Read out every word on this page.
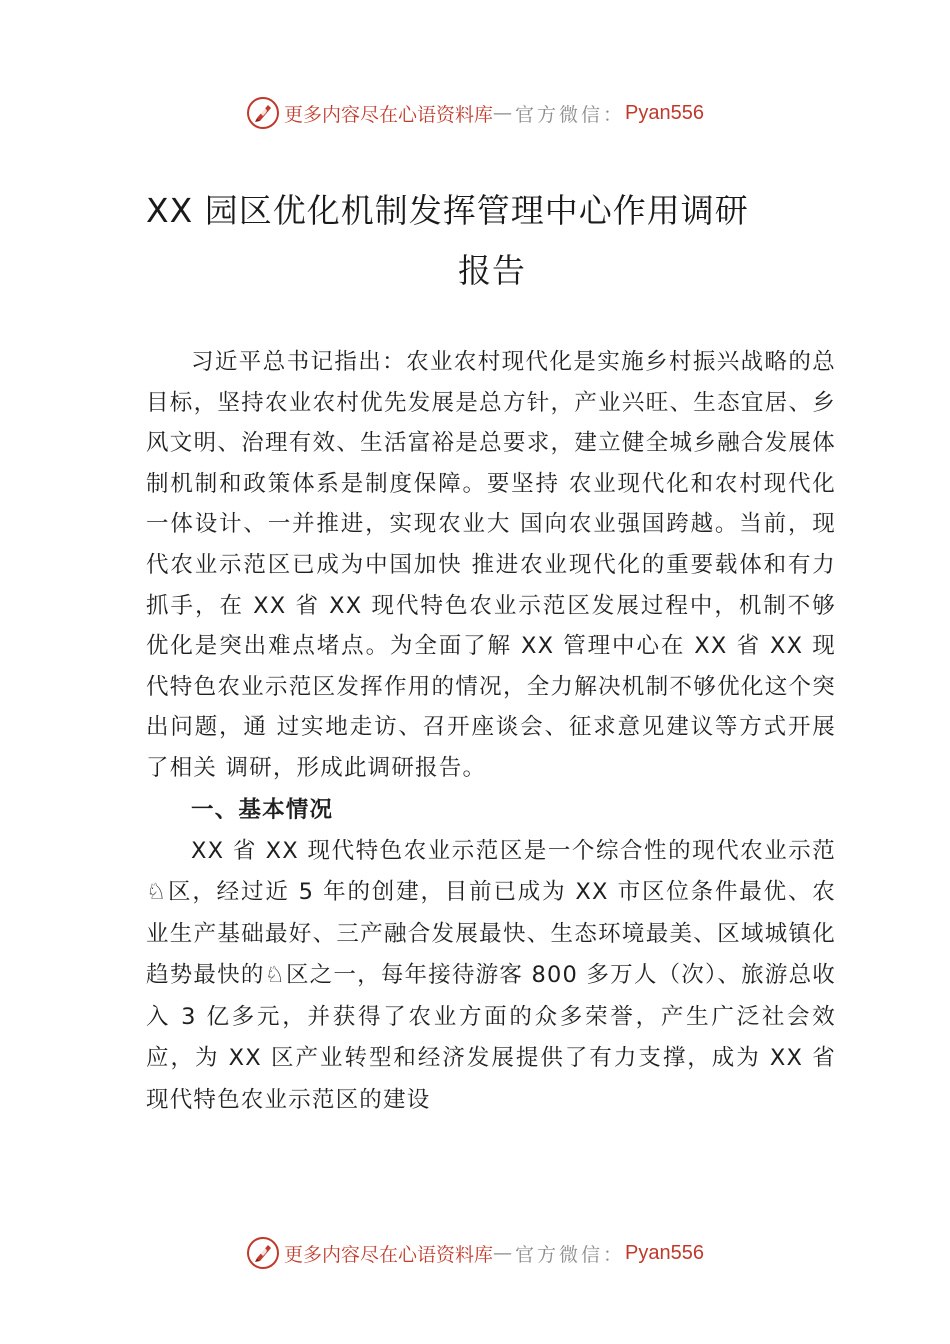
更多内容尽在心语资料库 — 官方微信： Pyan556
XX 园区优化机制发挥管理中心作用调研
报告

习近平总书记指出：农业农村现代化是实施乡村振兴战略的总目标，坚持农业农村优先发展是总方针，产业兴旺、生态宜居、乡风文明、治理有效、生活富裕是总要求，建立健全城乡融合发展体制机制和政策体系是制度保障。要坚持 农业现代化和农村现代化一体设计、一并推进，实现农业大 国向农业强国跨越。当前，现代农业示范区已成为中国加快 推进农业现代化的重要载体和有力抓手，在 XX 省 XX 现代特色农业示范区发展过程中，机制不够优化是突出难点堵点。为全面了解 XX 管理中心在 XX 省 XX 现代特色农业示范区发挥作用的情况，全力解决机制不够优化这个突出问题，通 过实地走访、召开座谈会、征求意见建议等方式开展了相关 调研，形成此调研报告。

一、基本情况

XX 省 XX 现代特色农业示范区是一个综合性的现代农业示范♘区，经过近 5 年的创建，目前已成为 XX 市区位条件最优、农业生产基础最好、三产融合发展最快、生态环境最美、区域城镇化趋势最快的♘区之一，每年接待游客 800 多万人（次）、旅游总收入 3 亿多元，并获得了农业方面的众多荣誉，产生广泛社会效应，为 XX 区产业转型和经济发展提供了有力支撑，成为 XX 省现代特色农业示范区的建设

更多内容尽在心语资料库 — 官方微信： Pyan556
